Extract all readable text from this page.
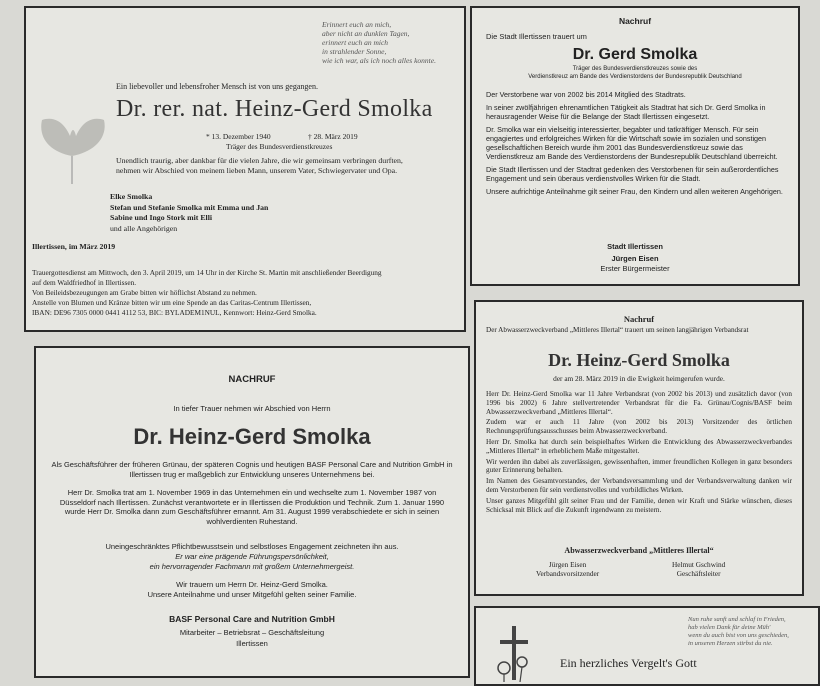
Erinnert euch an mich,
aber nicht an dunklen Tagen,
erinnert euch an mich
in strahlender Sonne,
wie ich war, als ich noch alles konnte.
Ein liebevoller und lebensfroher Mensch ist von uns gegangen.
Dr. rer. nat. Heinz-Gerd Smolka
* 13. Dezember 1940	† 28. März 2019
Träger des Bundesverdienstkreuzes
Unendlich traurig, aber dankbar für die vielen Jahre, die wir gemeinsam verbringen durften,
nehmen wir Abschied von meinem lieben Mann, unserem Vater, Schwiegervater und Opa.
Elke Smolka
Stefan und Stefanie Smolka mit Emma und Jan
Sabine und Ingo Stork mit Elli
und alle Angehörigen
Illertissen, im März 2019
Trauergottesdienst am Mittwoch, den 3. April 2019, um 14 Uhr in der Kirche St. Martin mit anschließender Beerdigung
auf dem Waldfriedhof in Illertissen.
Von Beileidsbezeugungen am Grabe bitten wir höflichst Abstand zu nehmen.
Anstelle von Blumen und Kränze bitten wir um eine Spende an das Caritas-Centrum Illertissen,
IBAN: DE96 7305 0000 0441 4112 53, BIC: BYLADEM1NUL, Kennwort: Heinz-Gerd Smolka.
Nachruf
Die Stadt Illertissen trauert um
Dr. Gerd Smolka
Träger des Bundesverdienstkreuzes sowie des
Verdienstkreuz am Bande des Verdienstordens der Bundesrepublik Deutschland

Der Verstorbene war von 2002 bis 2014 Mitglied des Stadtrats.

In seiner zwölfjährigen ehrenamtlichen Tätigkeit als Stadtrat hat sich Dr. Gerd Smolka in herausragender Weise für die Belange der Stadt Illertissen eingesetzt.

Dr. Smolka war ein vielseitig interessierter, begabter und tatkräftiger Mensch. Für sein engagiertes und erfolgreiches Wirken für die Wirtschaft sowie im sozialen und sonstigen gesellschaftlichen Bereich wurde ihm 2001 das Bundesverdienstkreuz sowie das Verdienstkreuz am Bande des Verdienstordens der Bundesrepublik Deutschland überreicht.

Die Stadt Illertissen und der Stadtrat gedenken des Verstorbenen für sein außerordentliches Engagement und sein überaus verdienstvolles Wirken für die Stadt.

Unsere aufrichtige Anteilnahme gilt seiner Frau, den Kindern und allen weiteren Angehörigen.

Stadt Illertissen
Jürgen Eisen
Erster Bürgermeister
NACHRUF
In tiefer Trauer nehmen wir Abschied von Herrn
Dr. Heinz-Gerd Smolka
Als Geschäftsführer der früheren Grünau, der späteren Cognis und heutigen BASF Personal Care and Nutrition GmbH in Illertissen trug er maßgeblich zur Entwicklung unseres Unternehmens bei.
Herr Dr. Smolka trat am 1. November 1969 in das Unternehmen ein und wechselte zum 1. November 1987 von Düsseldorf nach Illertissen. Zunächst verantwortete er in Illertissen die Produktion und Technik. Zum 1. Januar 1990 wurde Herr Dr. Smolka dann zum Geschäftsführer ernannt. Am 31. August 1999 verabschiedete er sich in seinen wohlverdienten Ruhestand.
Uneingeschränktes Pflichtbewusstsein und selbstloses Engagement zeichneten ihn aus.
Er war eine prägende Führungspersönlichkeit,
ein hervorragender Fachmann mit großem Unternehmergeist.
Wir trauern um Herrn Dr. Heinz-Gerd Smolka.
Unsere Anteilnahme und unser Mitgefühl gelten seiner Familie.
BASF Personal Care and Nutrition GmbH
Mitarbeiter – Betriebsrat – Geschäftsleitung
Illertissen
Nachruf
Der Abwasserzweckverband „Mittleres Illertal“ trauert um seinen langjährigen Verbandsrat
Dr. Heinz-Gerd Smolka
der am 28. März 2019 in die Ewigkeit heimgerufen wurde.

Herr Dr. Heinz-Gerd Smolka war 11 Jahre Verbandsrat (von 2002 bis 2013) und zusätzlich davor (von 1996 bis 2002) 6 Jahre stellvertretender Verbandsrat für die Fa. Grünau/Cognis/BASF beim Abwasserzweckverband „Mittleres Illertal“.

Zudem war er auch 11 Jahre (von 2002 bis 2013) Vorsitzender des örtlichen Rechnungsprüfungsausschusses beim Abwasserzweckverband.

Herr Dr. Smolka hat durch sein beispielhaftes Wirken die Entwicklung des Abwasserzweckverbandes „Mittleres Illertal“ in erheblichem Maße mitgestaltet.

Wir werden ihn dabei als zuverlässigen, gewissenhaften, immer freundlichen Kollegen in ganz besonders guter Erinnerung behalten.

Im Namen des Gesamtvorstandes, der Verbandsversammlung und der Verbandsverwaltung danken wir dem Verstorbenen für sein verdienstvolles und vorbildliches Wirken.

Unser ganzes Mitgefühl gilt seiner Frau und der Familie, denen wir Kraft und Stärke wünschen, dieses Schicksal mit Blick auf die Zukunft irgendwann zu meistern.

Abwasserzweckverband „Mittleres Illertal“
Jürgen Eisen
Verbandsvorsitzender
Helmut Gschwind
Geschäftsleiter
Nun ruhe sanft und schlaf in Frieden,
hab vielen Dank für deine Müh'
wenn du auch bist von uns geschieden,
in unseren Herzen stirbst du nie.
Ein herzliches Vergelt's Gott
